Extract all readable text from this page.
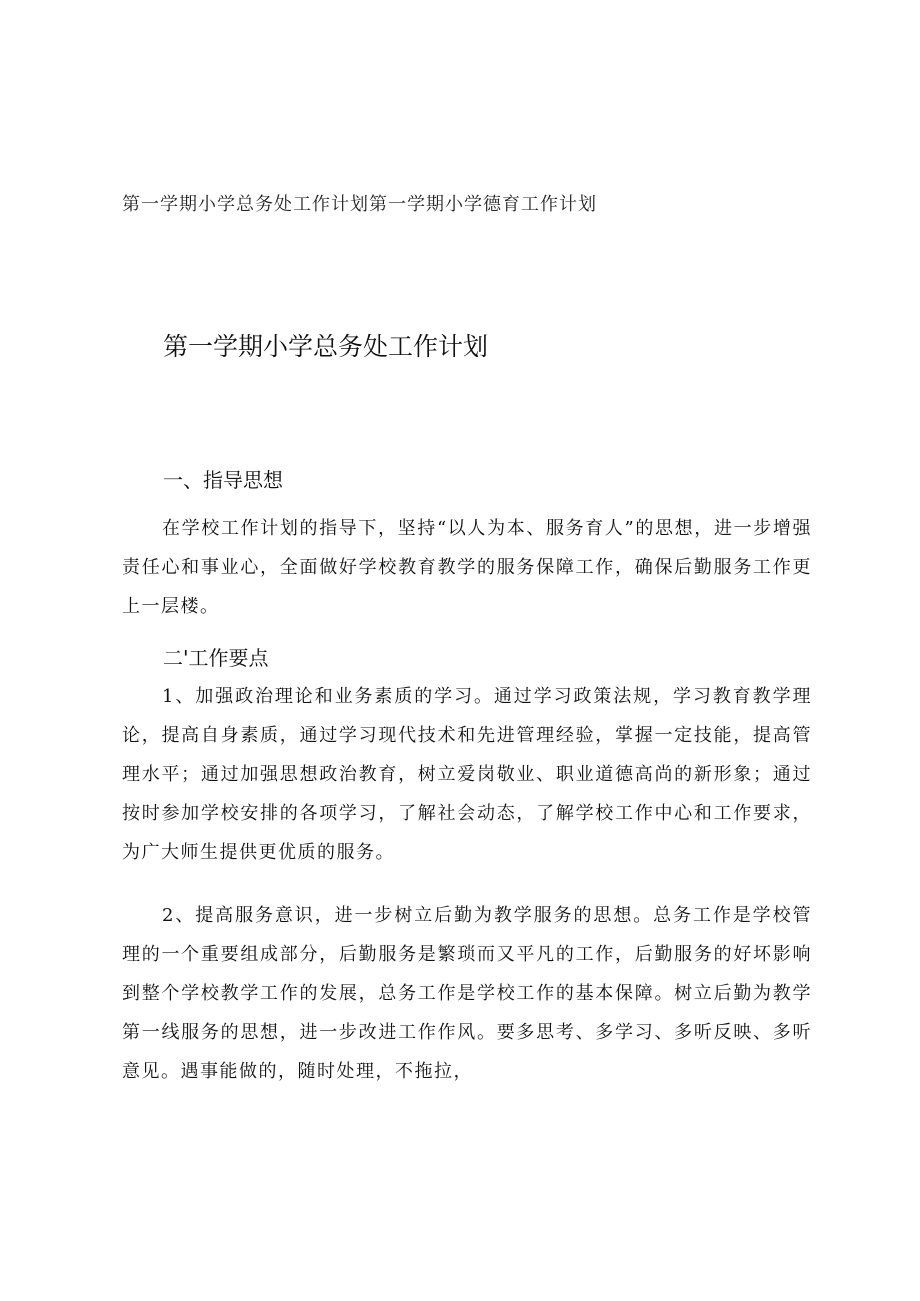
第一学期小学总务处工作计划第一学期小学德育工作计划
第一学期小学总务处工作计划
一、指导思想

在学校工作计划的指导下，坚持“以人为本、服务育人”的思想，进一步增强责任心和事业心，全面做好学校教育教学的服务保障工作，确保后勤服务工作更上一层楼。

二'工作要点

1、加强政治理论和业务素质的学习。通过学习政策法规，学习教育教学理论，提高自身素质，通过学习现代技术和先进管理经验，掌握一定技能，提高管理水平；通过加强思想政治教育，树立爱岗敬业、职业道德高尚的新形象；通过按时参加学校安排的各项学习，了解社会动态，了解学校工作中心和工作要求，为广大师生提供更优质的服务。

2、提高服务意识，进一步树立后勤为教学服务的思想。总务工作是学校管理的一个重要组成部分，后勤服务是繁琐而又平凡的工作，后勤服务的好坏影响到整个学校教学工作的发展，总务工作是学校工作的基本保障。树立后勤为教学第一线服务的思想，进一步改进工作作风。要多思考、多学习、多听反映、多听意见。遇事能做的，随时处理，不拖拉，
